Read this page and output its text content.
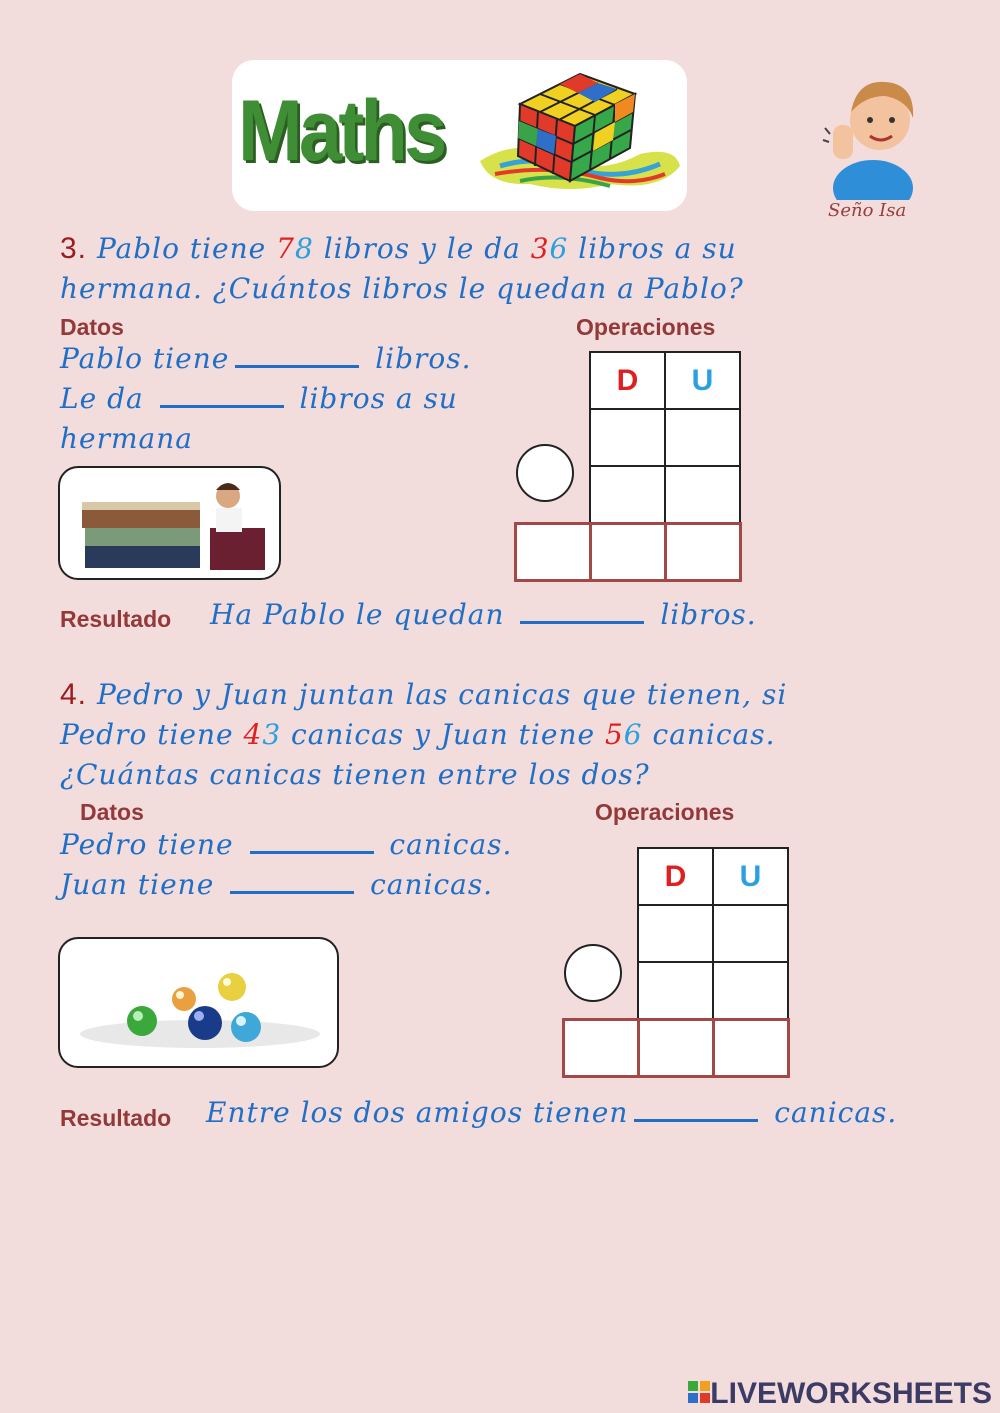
Maths
Seño Isa
3. Pablo tiene 78 libros y le da 36 libros a su
hermana. ¿Cuántos libros le quedan a Pablo?
Datos	Operaciones
Pablo tiene	libros.
Le da	libros a su
hermana
D	U

Resultado Ha Pablo le quedan	libros.
4. Pedro y Juan juntan las canicas que tienen, si
Pedro tiene 43 canicas y Juan tiene 56 canicas.
¿Cuántas canicas tienen entre los dos?
Datos	Operaciones
Pedro tiene	canicas.
Juan tiene	canicas.	D	U

Resultado Entre los dos amigos tienen	canicas.
LIVEWORKSHEETS
